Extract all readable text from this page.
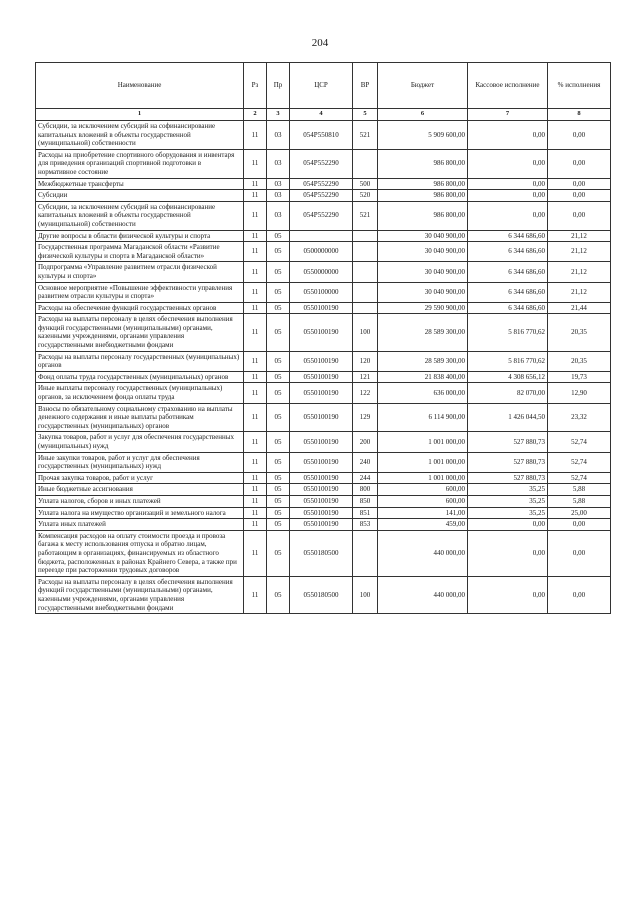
204
Наименование	Рз	Пр	ЦСР	ВР	Бюджет	Кассовое исполнение	% исполнения
1	2	3	4	5	6	7	8
Субсидии, за исключением субсидий на софинансирование капитальных вложений в объекты государственной (муниципальной) собственности	11	03	054P550810	521	5 909 600,00	0,00	0,00
Расходы на приобретение спортивного оборудования и инвентаря для приведения организаций спортивной подготовки в нормативное состояние	11	03	054P552290		986 800,00	0,00	0,00
Межбюджетные трансферты	11	03	054P552290	500	986 800,00	0,00	0,00
Субсидии	11	03	054P552290	520	986 800,00	0,00	0,00
Субсидии, за исключением субсидий на софинансирование капитальных вложений в объекты государственной (муниципальной) собственности	11	03	054P552290	521	986 800,00	0,00	0,00
Другие вопросы в области физической культуры и спорта	11	05			30 040 900,00	6 344 686,60	21,12
Государственная программа Магаданской области «Развитие физической культуры и спорта в Магаданской области»	11	05	0500000000		30 040 900,00	6 344 686,60	21,12
Подпрограмма «Управление развитием отрасли физической культуры и спорта»	11	05	0550000000		30 040 900,00	6 344 686,60	21,12
Основное мероприятие «Повышение эффективности управления развитием отрасли культуры и спорта»	11	05	0550100000		30 040 900,00	6 344 686,60	21,12
Расходы на обеспечение функций государственных органов	11	05	0550100190		29 590 900,00	6 344 686,60	21,44
Расходы на выплаты персоналу в целях обеспечения выполнения функций государственными (муниципальными) органами, казенными учреждениями, органами управления государственными внебюджетными фондами	11	05	0550100190	100	28 589 300,00	5 816 770,62	20,35
Расходы на выплаты персоналу государственных (муниципальных) органов	11	05	0550100190	120	28 589 300,00	5 816 770,62	20,35
Фонд оплаты труда государственных (муниципальных) органов	11	05	0550100190	121	21 838 400,00	4 308 656,12	19,73
Иные выплаты персоналу государственных (муниципальных) органов, за исключением фонда оплаты труда	11	05	0550100190	122	636 000,00	82 070,00	12,90
Взносы по обязательному социальному страхованию на выплаты денежного содержания и иные выплаты работникам государственных (муниципальных) органов	11	05	0550100190	129	6 114 900,00	1 426 044,50	23,32
Закупка товаров, работ и услуг для обеспечения государственных (муниципальных) нужд	11	05	0550100190	200	1 001 000,00	527 880,73	52,74
Иные закупки товаров, работ и услуг для обеспечения государственных (муниципальных) нужд	11	05	0550100190	240	1 001 000,00	527 880,73	52,74
Прочая закупка товаров, работ и услуг	11	05	0550100190	244	1 001 000,00	527 880,73	52,74
Иные бюджетные ассигнования	11	05	0550100190	800	600,00	35,25	5,88
Уплата налогов, сборов и иных платежей	11	05	0550100190	850	600,00	35,25	5,88
Уплата налога на имущество организаций и земельного налога	11	05	0550100190	851	141,00	35,25	25,00
Уплата иных платежей	11	05	0550100190	853	459,00	0,00	0,00
Компенсация расходов на оплату стоимости проезда и провоза багажа к месту использования отпуска и обратно лицам, работающим в организациях, финансируемых из областного бюджета, расположенных в районах Крайнего Севера, а также при переезде при расторжении трудовых договоров	11	05	0550180500		440 000,00	0,00	0,00
Расходы на выплаты персоналу в целях обеспечения выполнения функций государственными (муниципальными) органами, казенными учреждениями, органами управления государственными внебюджетными фондами	11	05	0550180500	100	440 000,00	0,00	0,00
